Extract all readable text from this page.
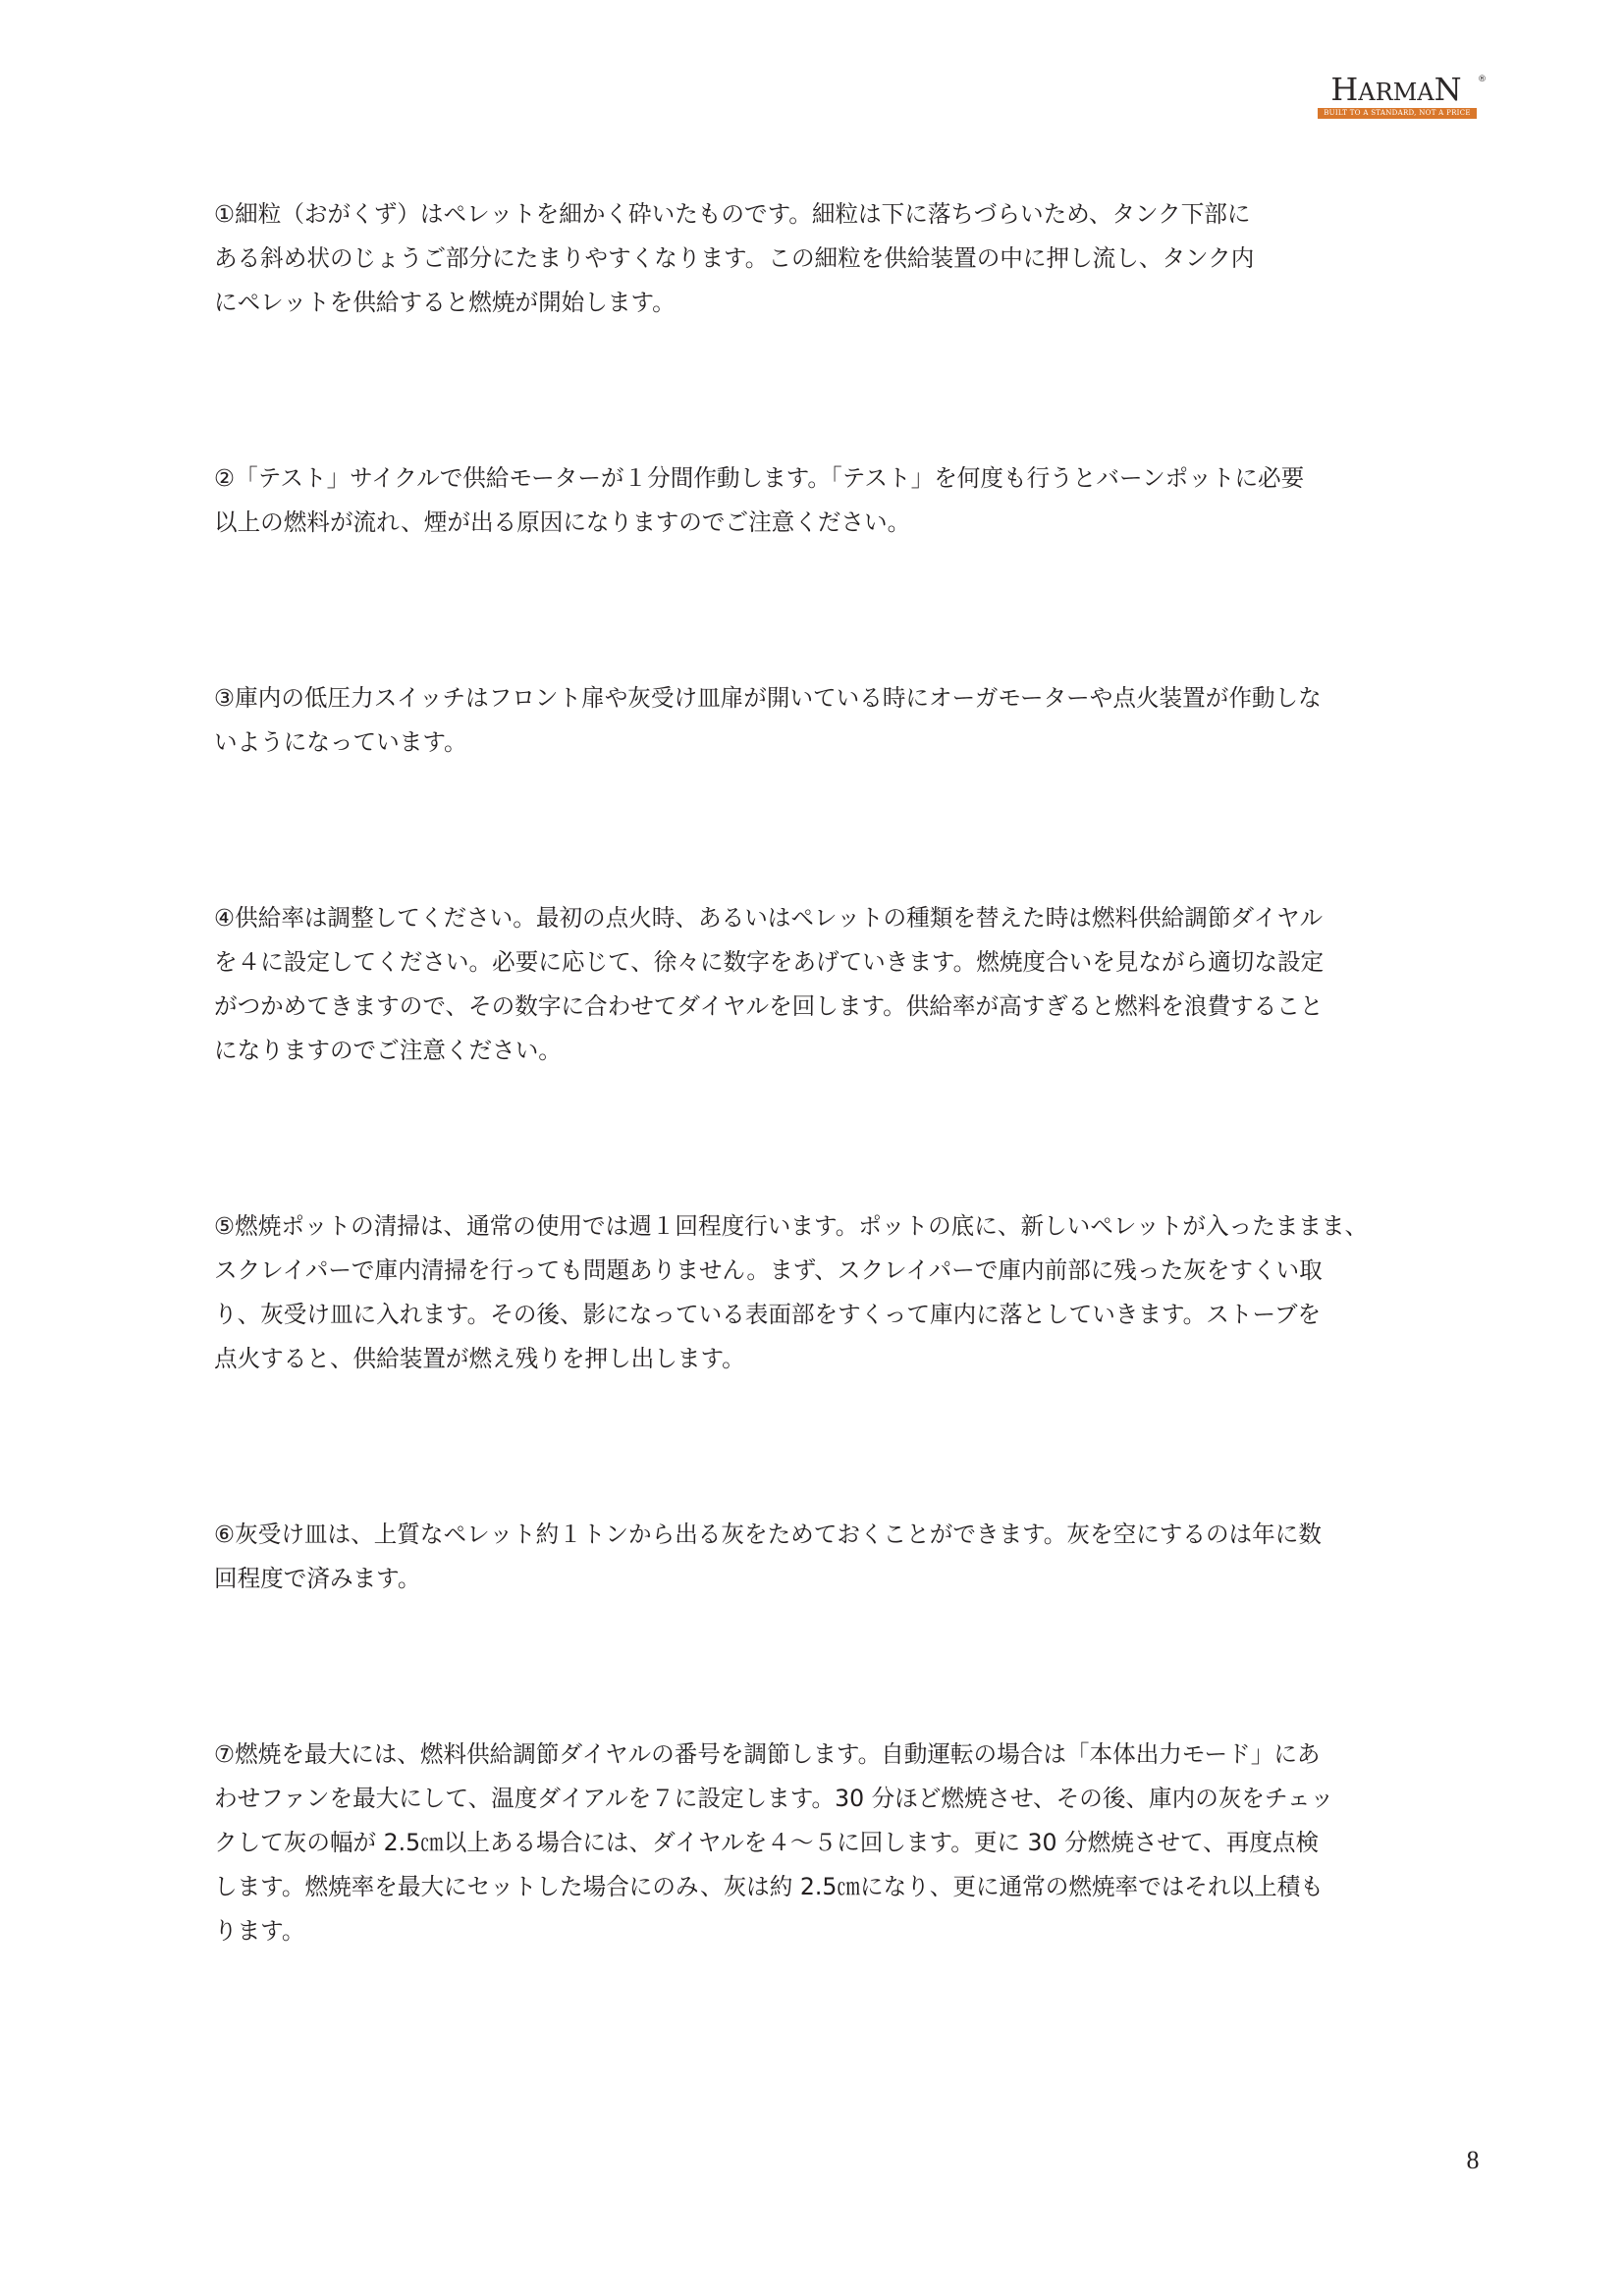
HARMAN	®
BUILT TO A STANDARD, NOT A PRICE

①細粒（おがくず）はペレットを細かく砕いたものです。細粒は下に落ちづらいため、タンク下部に
ある斜め状のじょうご部分にたまりやすくなります。この細粒を供給装置の中に押し流し、タンク内
にペレットを供給すると燃焼が開始します。

②「テスト」サイクルで供給モーターが１分間作動します。「テスト」を何度も行うとバーンポットに必要
以上の燃料が流れ、煙が出る原因になりますのでご注意ください。

③庫内の低圧力スイッチはフロント扉や灰受け皿扉が開いている時にオーガモーターや点火装置が作動しな
いようになっています。

④供給率は調整してください。最初の点火時、あるいはペレットの種類を替えた時は燃料供給調節ダイヤル
を４に設定してください。必要に応じて、徐々に数字をあげていきます。燃焼度合いを見ながら適切な設定
がつかめてきますので、その数字に合わせてダイヤルを回します。供給率が高すぎると燃料を浪費すること
になりますのでご注意ください。

⑤燃焼ポットの清掃は、通常の使用では週１回程度行います。ポットの底に、新しいペレットが入ったままま、
スクレイパーで庫内清掃を行っても問題ありません。まず、スクレイパーで庫内前部に残った灰をすくい取
り、灰受け皿に入れます。その後、影になっている表面部をすくって庫内に落としていきます。ストーブを
点火すると、供給装置が燃え残りを押し出します。

⑥灰受け皿は、上質なペレット約１トンから出る灰をためておくことができます。灰を空にするのは年に数
回程度で済みます。

⑦燃焼を最大には、燃料供給調節ダイヤルの番号を調節します。自動運転の場合は「本体出力モード」にあ
わせファンを最大にして、温度ダイアルを７に設定します。30 分ほど燃焼させ、その後、庫内の灰をチェッ
クして灰の幅が 2.5㎝以上ある場合には、ダイヤルを４～５に回します。更に 30 分燃焼させて、再度点検
します。燃焼率を最大にセットした場合にのみ、灰は約 2.5㎝になり、更に通常の燃焼率ではそれ以上積も
ります。

8
